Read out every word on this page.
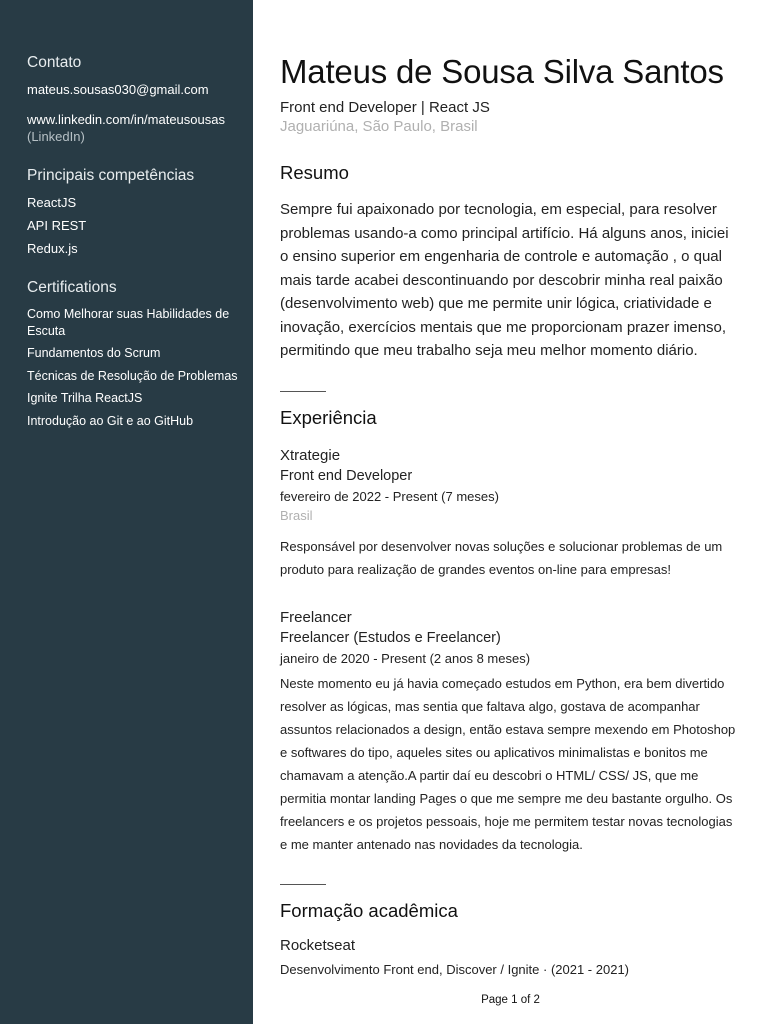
Contato
mateus.sousas030@gmail.com
www.linkedin.com/in/mateusousas
(LinkedIn)
Principais competências
ReactJS
API REST
Redux.js
Certifications
Como Melhorar suas Habilidades de Escuta
Fundamentos do Scrum
Técnicas de Resolução de Problemas
Ignite Trilha ReactJS
Introdução ao Git e ao GitHub
Mateus de Sousa Silva Santos
Front end Developer | React JS
Jaguariúna, São Paulo, Brasil
Resumo

Sempre fui apaixonado por tecnologia, em especial, para resolver problemas usando-a como principal artifício. Há alguns anos, iniciei o ensino superior em engenharia de controle e automação , o qual mais tarde acabei descontinuando por descobrir minha real paixão (desenvolvimento web) que me permite unir lógica, criatividade e inovação, exercícios mentais que me proporcionam prazer imenso, permitindo que meu trabalho seja meu melhor momento diário.

Experiência
Xtrategie
Front end Developer
fevereiro de 2022 - Present (7 meses)
Brasil

Responsável por desenvolver novas soluções e solucionar problemas de um produto para realização de grandes eventos on-line para empresas!

Freelancer
Freelancer (Estudos e Freelancer)
janeiro de 2020 - Present (2 anos 8 meses)

Neste momento eu já havia começado estudos em Python, era bem divertido resolver as lógicas, mas sentia que faltava algo, gostava de acompanhar assuntos relacionados a design, então estava sempre mexendo em Photoshop e softwares do tipo, aqueles sites ou aplicativos minimalistas e bonitos me chamavam a atenção.A partir daí eu descobri o HTML/ CSS/ JS, que me permitia montar landing Pages o que me sempre me deu bastante orgulho. Os freelancers e os projetos pessoais, hoje me permitem testar novas tecnologias e me manter antenado nas novidades da tecnologia.

Formação acadêmica
Rocketseat
Desenvolvimento Front end, Discover / Ignite · (2021 - 2021)
Page 1 of 2
